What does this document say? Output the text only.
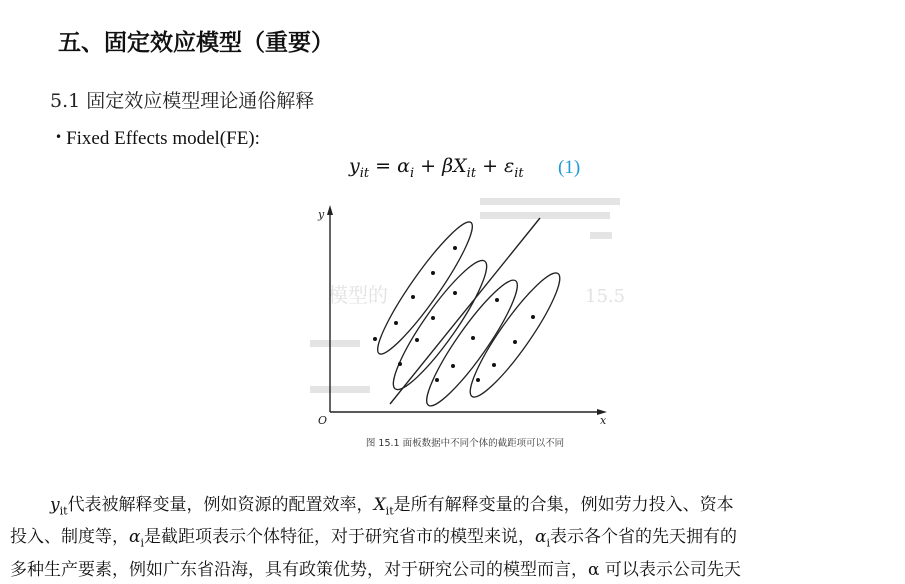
五、固定效应模型（重要）
5.1 固定效应模型理论通俗解释
• Fixed Effects model(FE):
$y_{it} = \alpha_i + \beta X_{it} + \varepsilon_{it}$ (1)
模型的	15.5
y
x
O
图 15.1 面板数据中不同个体的截距项可以不同
$y_{it}$代表被解释变量，例如资源的配置效率，$X_{it}$是所有解释变量的合集，例如劳力投入、资本
投入、制度等，$\alpha_i$是截距项表示个体特征，对于研究省市的模型来说，$\alpha_i$表示各个省的先天拥有的
多种生产要素，例如广东省沿海，具有政策优势，对于研究公司的模型而言，α 可以表示公司先天
